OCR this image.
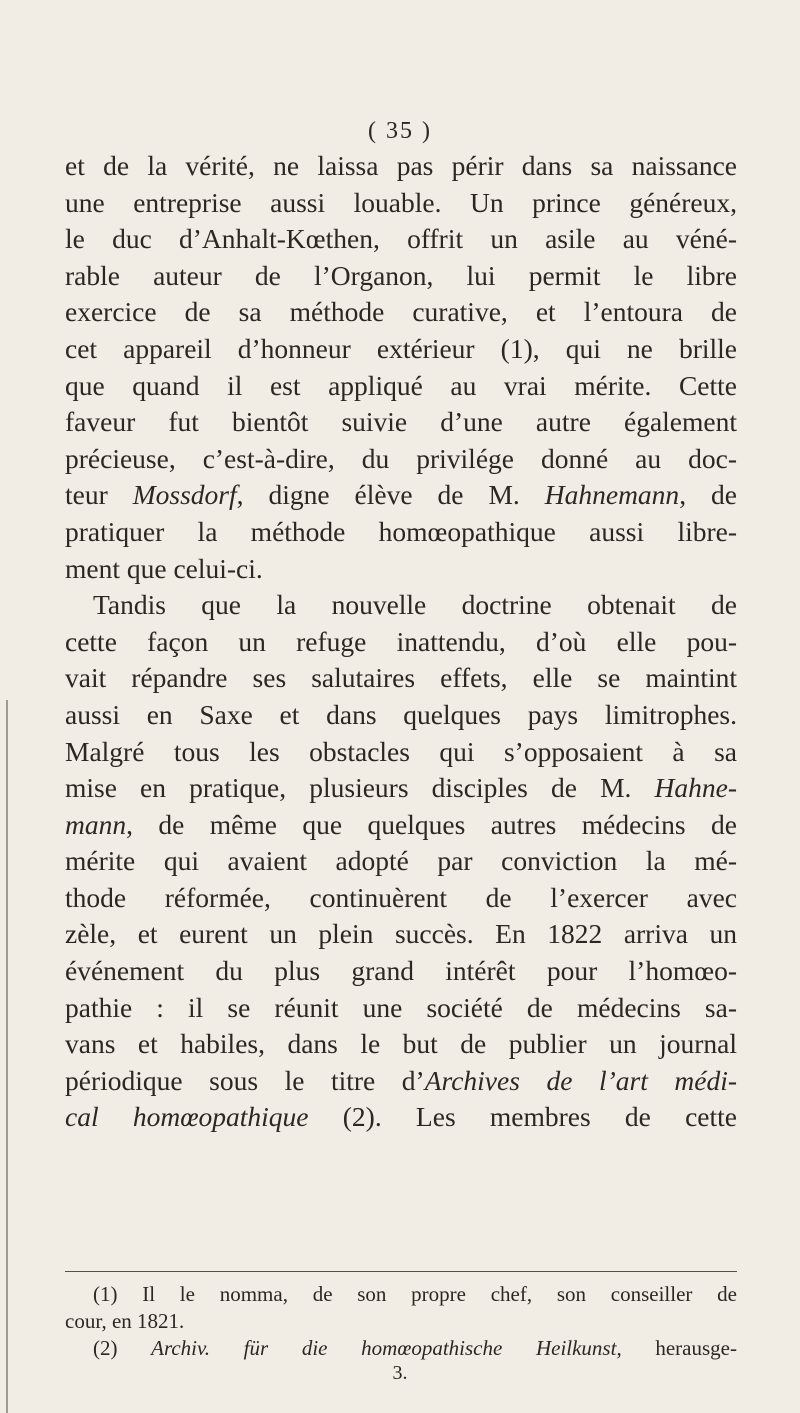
( 35 )
et de la vérité, ne laissa pas périr dans sa naissance
une entreprise aussi louable. Un prince généreux,
le duc d’Anhalt-Kœthen, offrit un asile au véné-
rable auteur de l’Organon, lui permit le libre
exercice de sa méthode curative, et l’entoura de
cet appareil d’honneur extérieur (1), qui ne brille
que quand il est appliqué au vrai mérite. Cette
faveur fut bientôt suivie d’une autre également
précieuse, c’est-à-dire, du privilége donné au doc-
teur Mossdorf, digne élève de M. Hahnemann, de
pratiquer la méthode homœopathique aussi libre-
ment que celui-ci.
Tandis que la nouvelle doctrine obtenait de
cette façon un refuge inattendu, d’où elle pou-
vait répandre ses salutaires effets, elle se maintint
aussi en Saxe et dans quelques pays limitrophes.
Malgré tous les obstacles qui s’opposaient à sa
mise en pratique, plusieurs disciples de M. Hahne-
mann, de même que quelques autres médecins de
mérite qui avaient adopté par conviction la mé-
thode réformée, continuèrent de l’exercer avec
zèle, et eurent un plein succès. En 1822 arriva un
événement du plus grand intérêt pour l’homœo-
pathie : il se réunit une société de médecins sa-
vans et habiles, dans le but de publier un journal
périodique sous le titre d’Archives de l’art médi-
cal homœopathique (2). Les membres de cette
(1) Il le nomma, de son propre chef, son conseiller de
cour, en 1821.
(2) Archiv. für die homœopathische Heilkunst, herausge-
3.
